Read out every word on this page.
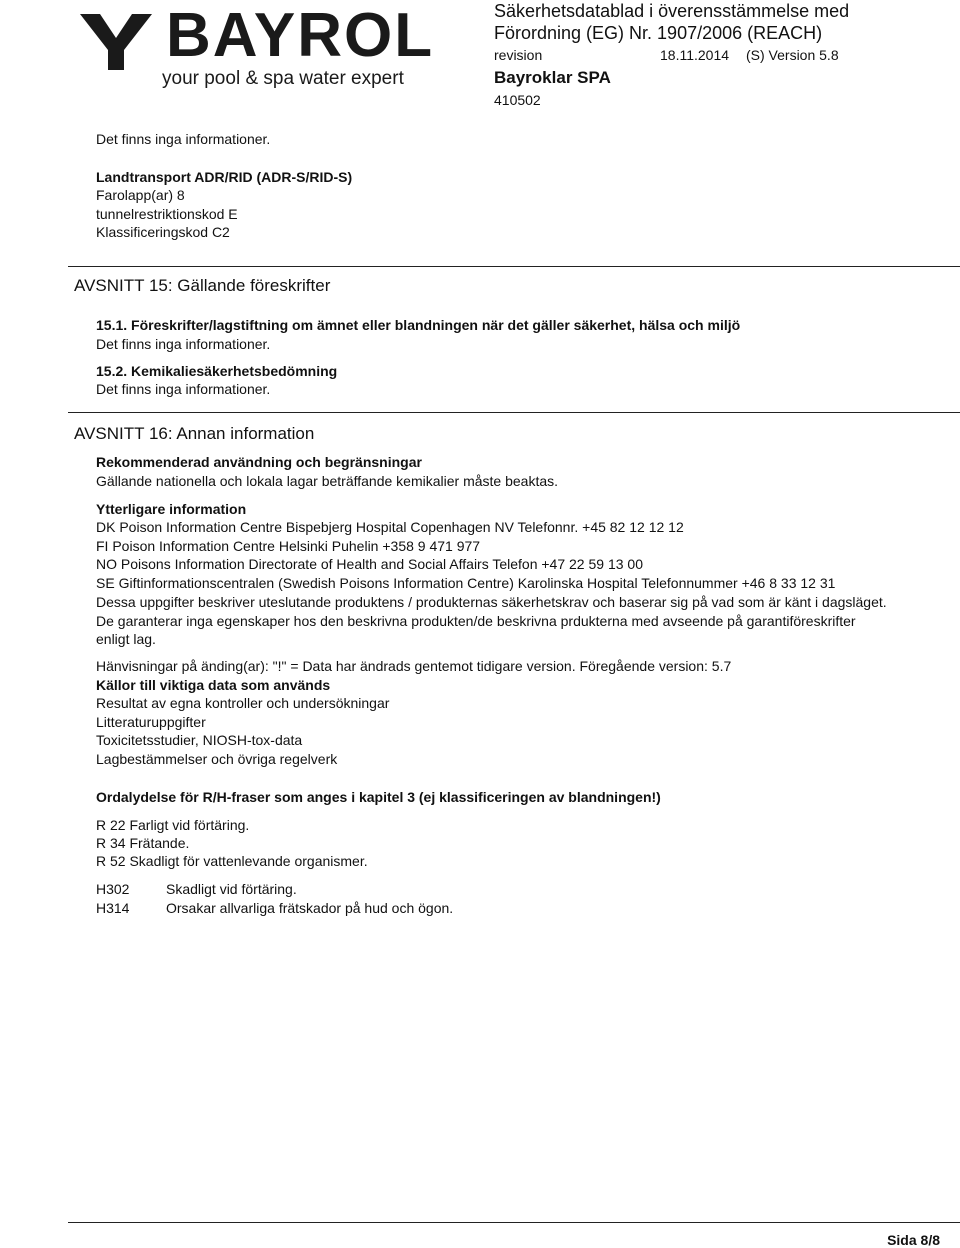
BAYROL
your pool & spa water expert
Säkerhetsdatablad i överensstämmelse med
Förordning (EG) Nr. 1907/2006 (REACH)
revision	18.11.2014 (S) Version 5.8
Bayroklar SPA
410502
Det finns inga informationer.
Landtransport ADR/RID (ADR-S/RID-S)
Farolapp(ar) 8
tunnelrestriktionskod E
Klassificeringskod C2
AVSNITT 15: Gällande föreskrifter
15.1. Föreskrifter/lagstiftning om ämnet eller blandningen när det gäller säkerhet, hälsa och miljö
Det finns inga informationer.
15.2. Kemikaliesäkerhetsbedömning
Det finns inga informationer.
AVSNITT 16: Annan information
Rekommenderad användning och begränsningar
Gällande nationella och lokala lagar beträffande kemikalier måste beaktas.
Ytterligare information
DK Poison Information Centre Bispebjerg Hospital Copenhagen NV Telefonnr. +45 82 12 12 12
FI Poison Information Centre Helsinki Puhelin +358 9 471 977
NO Poisons Information Directorate of Health and Social Affairs Telefon +47 22 59 13 00
SE Giftinformationscentralen (Swedish Poisons Information Centre) Karolinska Hospital Telefonnummer +46 8 33 12 31
Dessa uppgifter beskriver uteslutande produktens / produkternas säkerhetskrav och baserar sig på vad som är känt i dagsläget. De garanterar inga egenskaper hos den beskrivna produkten/de beskrivna prdukterna med avseende på garantiföreskrifter enligt lag.
Hänvisningar på änding(ar): "!" = Data har ändrads gentemot tidigare version. Föregående version: 5.7
Källor till viktiga data som används
Resultat av egna kontroller och undersökningar
Litteraturuppgifter
Toxicitetsstudier, NIOSH-tox-data
Lagbestämmelser och övriga regelverk
Ordalydelse för R/H-fraser som anges i kapitel 3 (ej klassificeringen av blandningen!)
R 22 Farligt vid förtäring.
R 34 Frätande.
R 52 Skadligt för vattenlevande organismer.
H302	Skadligt vid förtäring.
H314	Orsakar allvarliga frätskador på hud och ögon.
Sida 8/8
